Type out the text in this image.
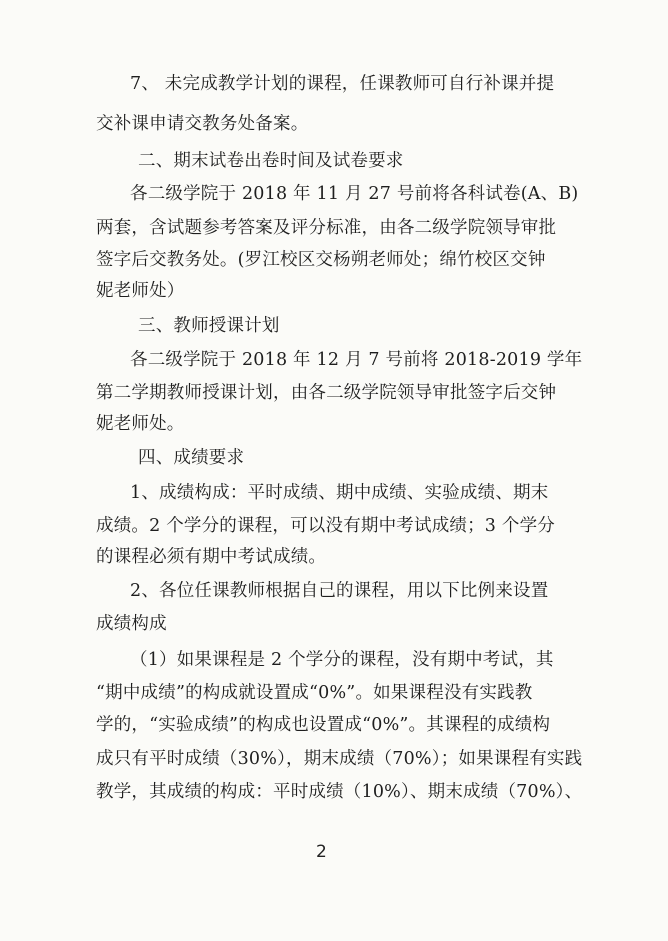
7、 未完成教学计划的课程，任课教师可自行补课并提
交补课申请交教务处备案。
二、期末试卷出卷时间及试卷要求
各二级学院于 2018 年 11 月 27 号前将各科试卷(A、B)
两套，含试题参考答案及评分标准，由各二级学院领导审批
签字后交教务处。(罗江校区交杨朔老师处；绵竹校区交钟
妮老师处）
三、教师授课计划
各二级学院于 2018 年 12 月 7 号前将 2018-2019 学年
第二学期教师授课计划，由各二级学院领导审批签字后交钟
妮老师处。
四、成绩要求
1、成绩构成：平时成绩、期中成绩、实验成绩、期末
成绩。2 个学分的课程，可以没有期中考试成绩；3 个学分
的课程必须有期中考试成绩。
2、各位任课教师根据自己的课程，用以下比例来设置
成绩构成
（1）如果课程是 2 个学分的课程，没有期中考试，其
“期中成绩”的构成就设置成“0%”。如果课程没有实践教
学的，“实验成绩”的构成也设置成“0%”。其课程的成绩构
成只有平时成绩（30%），期末成绩（70%）；如果课程有实践
教学，其成绩的构成：平时成绩（10%）、期末成绩（70%）、
2
